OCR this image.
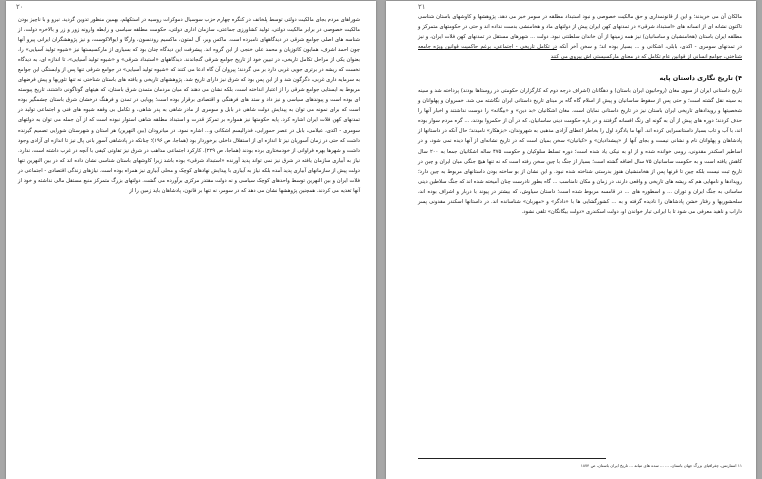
۲۰

شوراهای مردم بجای مالکیت دولتی توسط پلخانف در کنگره چهارم حزب سوسیال دموکرات روسیه در استکهلم، بهمین منظور تدوین گردید. نیرو و با ناچیز بودن مالکیت خصوصی در برابر مالکیت دولتی، تولید کشاورزی جماعتی، سازمان اداری دولتی، حکومت مطلقه سیاسی و رابطه وارونه زور و زر و بالاخره دولت، از شناسه های اصلی جوامع شرقی در دیدگاههای نامبرده است. ماکس وبر، آل لمتون، ماکسیم رودنسون، وارگا و ایوالاکوست، و نیز پژوهشگران ایرانی پیرو آنها چون احمد اشرف، همایون کاتوزیان و محمد علی خنجی از این گروه اند. پیشرفت این دیدگاه چنان بود که بسیاری از مارکسیستها نیز «شیوه تولید آسیایی» را، بعنوان یکی از مراحل تکامل تاریخی، در تبیین خود از تاریخ جوامع شرقی گنجاندند. دیدگاههای «استبداد شرقی» و «شیوه تولید آسیایی»، تا اندازه ای، به دیدگاه نخست که ریشه در برتری جویی غربی دارد بر می گردند؛ پیروان آن گاه ادعا می کنند که «شیوه تولید آسیایی» در جوامع شرقی تنها پس از وابستگی این جوامع به سرمایه داری غربی، دگرگون شد و از این پس بود که شرق نیز دارای تاریخ شد. پژوهشهای تاریخی و یافته های باستان شناختی نه تنها تئوریها و پیش فرضهای مربوط به ایستایی جوامع شرقی را از اعتبار انداخته است، بلکه نشان می دهند که میان مردمان متمدن شرق باستان، که هیتهای گوناگونی داشتند، تاریخ پیوسته ای بوده است و پیوندهای سیاسی و نیز داد و ستد های فرهنگی و اقتصادی برقرار بوده است؛ پویایی در تمدن و فرهنگ درخشان شرق باستان چشمگیر بوده است که برای نمونه می توان به پیدایش دولت شاهی در بابل و سومری از مادر شاهی به پدر شاهی، و تکامل بی وقفه شیوه های فنی و اجتماعی تولید در تمدنهای کهن فلات ایران اشاره کرد. پایه حکومتها نیز همواره بر تمرکز قدرت و استبداد مطلقه شاهی استوار نبوده است که از آن جمله می توان به دولتهای سومری - اکدی، عیلامی، بابل در عصر حمورابی، فدرالیسم اشکانی و... اشاره نمود. در میانرودان (بین النهرین) هر استان و شهرستان شورایی تصمیم گیرنده داشت که حتی در زمان آسوریان نیز تا اندازه ای از استقلال داخلی برخوردار بود (هماجا، ص ۱۹۶)؛ چنانکه در پادشاهی آسور بانی پال نیز تا اندازه ای آزادی وجود داشت و شهرها بهره فراوانی از خودمختاری برده بودند (هماجا، ص ۲۲۹). کارکرد اجتماعی مذاهب در شرق نیز تفاوتی کیفی با آنچه در غرب داشته است، ندارد. نیاز به آبیاری سازمان یافته در شرق نیز نمی تواند پدید آورنده «استبداد شرقی» بوده باشد زیرا کاوشهای باستان شناسی نشان داده اند که در بین النهرین تنها دولت پیش از سازمانهای آبیاری پدید آمده بلکه نیاز به آبیاری با پیدایش نهادهای کوچک و محلی آبیاری نیز همراه بوده است. نیازهای زندگی اقتصادی - اجتماعی در فلات ایران و بین النهرین توسط واحدهای کوچک سیاسی و نه دولت مقتدر مرکزی برآورده می گشت. دولتهای بزرگ متمرکز منبع مستقل مالی نداشته و خود از آنها تغذیه می کردند. همچنین پژوهشها نشان می دهد که در سومر، نه تنها بر قانون، پادشاهان باید زمین را از

۲۱

مالکان آن می خریدند؛ و این از قانونمداری و حق مالکیت خصوصی و نبود استبداد مطلقه در سومر خبر می دهد. پژوهشها و کاوشهای باستان شناسی تاکنون نشانه ای از انسانه های «استبداد شرقی» در تمدنهای کهن ایران پیش از دولتهای ماد و هخامنشی بدست نداده اند و حتی در حکومتهای متمرکز و مطلقه ایران باستان (هخامنشیان و ساسانیان) نیز همه زمینها از آن خاندان سلطنتی نبود. دولت ... شهرهای مستقل در تمدنهای کهن فلات ایران، و نیز در تمدنهای سومری - اکدی، بابلی، اشکانی و ... بسیار بوده اند؛ و سخن آخر آنکه در تکامل تاریخی - اجتماعی، برغم حاکمیت قوانین ویژه جامعه شناختی، جوامع انسانی از قوانین عام تکامل که در معنای مارکسیستی اش پیروی می کنند

۴) تاریخ نگاری داستان پایه

تاریخ داستانی ایران از سوی مغان (روحانیون ایران باستان) و دهگانان (اشراف درجه دوم که کارگزاران حکومتی در روستاها بودند) پرداخته شد و سینه به سینه نقل گشته است؛ و حتی پس از سقوط ساسانیان و پیش از اسلام گاه گاه بر مبنای تاریخ داستانی ایران نگاشته می شد. خسروان و پهلوانان و شخصیتها و رویدادهای تاریخی ایران باستان نیز در تاریخ داستانی نمایان است. مغان اشکانیان «بد دین» و «بیگانه» را دوست نداشتند و اخبار آنها را حذف کردند؛ دوره های پیش از آن به گونه ای رنگ افسانه گرفتند و در باره حکومت دینی ساسانیان، که در آن از حکمروا بودند، ... گره مردم سوار بوده اند، با آب و تاب بسیار داستانسرایی کرده اند. آنها ما یادگرد اول را بخاطر اعطای آزادی مذهبی به شهروندان، «بزهکار» نامیدند؛ حال آنکه در داستانها از پادشاهان و پهلوانان نام و نشانی نیست و بجای آنها از «پیشدادیان» و «کیانیان» سخن بمیان است که در تاریخ نشانه‌ای از آنها دیده نمی شود، و در اساطیر اسکندر مقدونی، رومی خوانده شده و از او به نیکی یاد شده است؛ دوره تسلط سلوکیان و حکومت ۴۷۵ ساله اشکانیان جمعا به ۲۰۰ سال کاهش یافته است و به حکومت ساسانیان ۷۵ سال اضافه گشته است؛ بسیار از جنگ با چین سخن رفته است که نه تنها هیچ جنگی میان ایران و چین در تاریخ ثبت نیست بلکه چین تا قرنها پس از هخامنشیان هنوز بدرستی شناخته شده نبود. و این نشان از بو ساخته بودن داستانهای مربوط به چین دارد؛ رویدادها و نامهایی هم که ریشه های تاریخی و واقعی دارند، در زمان و مکان نامناسب ... گاه بطور نادرست چنان آمیخته شده اند که جنگ سلاطین دینی ساسانی به جنگ ایران و توران ... و اسطوره های ... در قامسه مربوط شده است؛ داستان سیاوش، که بیشتر در پیوند با دربار و اشراف بوده اند، سلحشوریها و رفتار خشن پادشاهان را نادیده گرفته و به ... کشورگشایی ها با «دادگر» و «مهربان» شناسانده اند. در داستانها اسکندر مقدونی پسر داراب و ناهید معرفی می شود تا با ایرانی تبار خواندن او، دولت اسکندری «دولت بیگانگان» تلقی نشود.

۱۱ استارتس، چغرافیای بزرگ جهان باستان، ... ... سده های میانه ... تاریخ ایران باستان، ص ۱۸۷۴
